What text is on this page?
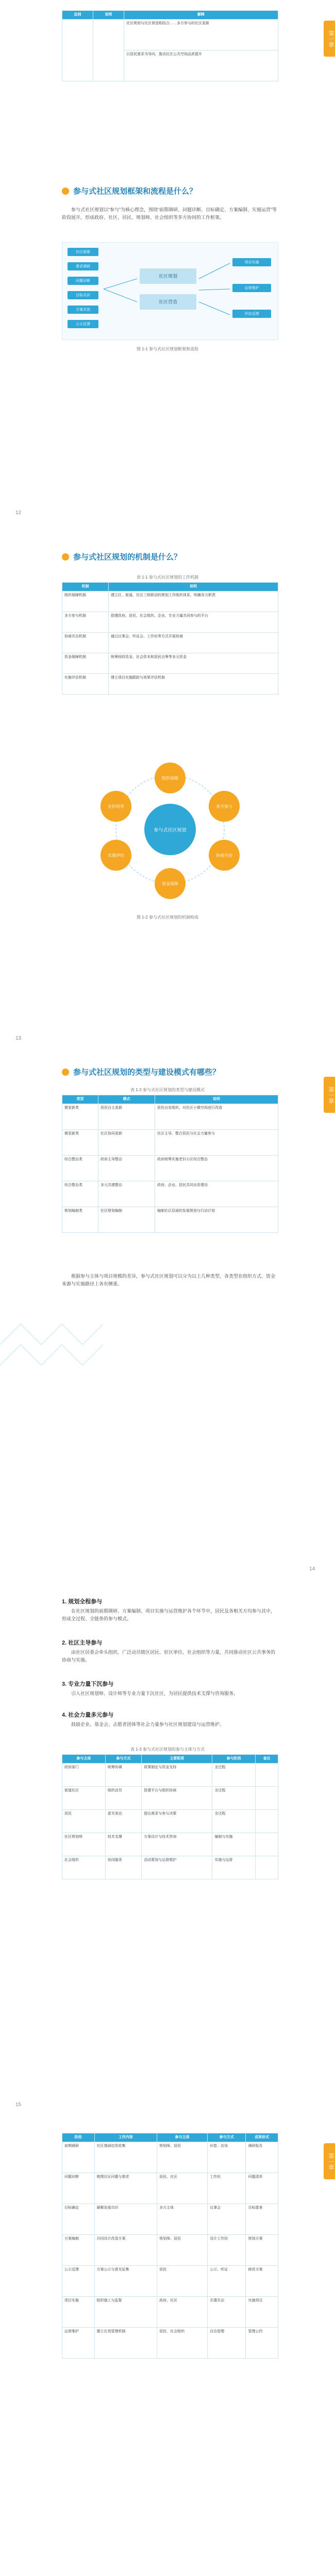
第一章
总则	说明	解释
		社区规划与社区营造相结合……多方参与的社区更新
		以居民需求为导向，推动社区公共空间品质提升
参与式社区规划框架和流程是什么？
参与式社区规划以“参与”为核心理念，围绕“前期调研、问题诊断、目标确定、方案编制、实施运营”等阶段展开，形成政府、社区、居民、规划师、社会组织等多方协同的工作框架。
社区画像
需求调研
问题诊断
目标共识
方案共创
公示反馈
社区规划
社区营造
项目实施
运营维护
评估反馈
图 1-1 参与式社区规划框架和流程
12
参与式社区规划的机制是什么？
表 1-1 参与式社区规划的工作机制
机制	说明
组织保障机制	建立区、街道、社区三级联动的规划工作组织体系，明确各方职责
多方参与机制	搭建政府、居民、社会组织、企业、专业力量共同参与的平台
协商共治机制	通过议事会、听证会、工作坊等方式开展协商
资金保障机制	统筹财政资金、社会资本和居民自筹等多元资金
实施评估机制	建立项目实施跟踪与效果评估机制
参与式社区规划
组织保障
多方参与
协商共治
资金保障
实施评估
宣传培育
图 1-2 参与式社区规划的机制构成
13
第一章
参与式社区规划的类型与建设模式有哪些？
表 1-2 参与式社区规划的类型与建设模式
类型	模式	说明
微更新类	居民自主更新	居民自发组织，对社区小微空间进行改造
微更新类	社区协同更新	社区主导，整合居民与社会力量参与
综合整治类	政府主导整治	政府统筹实施老旧小区综合整治
综合整治类	多元共建整治	政府、企业、居民共同出资建设
规划编制类	社区规划编制	编制社区层面的发展规划与行动计划
根据参与主体与项目规模的差异，参与式社区规划可以分为以上几种类型，各类型在组织方式、资金来源与实施路径上各有侧重。
14
1. 规划全程参与
在社区规划的前期调研、方案编制、项目实施与运营维护各个环节中，居民及各相关方均参与其中，形成全过程、全链条的参与模式。
2. 社区主导参与
由社区居委会牵头组织，广泛动员辖区居民、驻区单位、社会组织等力量，共同推动社区公共事务的协商与实施。
3. 专业力量下沉参与
引入社区规划师、设计师等专业力量下沉社区，为居民提供技术支撑与咨询服务。
4. 社会力量多元参与
鼓励企业、基金会、志愿者团体等社会力量参与社区规划建设与运营维护。
表 1-3 参与式社区规划的参与主体与方式
参与主体	参与方式	主要职责	参与阶段	备注
政府部门	统筹协调	政策制定与资金支持	全过程	
街道社区	组织动员	搭建平台与组织协商	全过程	
居民	意见表达	提出需求与参与决策	全过程	
社区规划师	技术支撑	方案设计与技术咨询	编制与实施	
社会组织	协同服务	活动策划与运营维护	实施与运营	
15
第一章
阶段	工作内容	参与主体	参与方式	成果形式
前期调研	社区基础信息收集	规划师、居民	问卷、访谈	调研报告
问题诊断	梳理社区问题与需求	居民、社区	工作坊	问题清单
目标确定	凝聚发展共识	多方主体	议事会	目标愿景
方案编制	共同设计改造方案	规划师、居民	设计工作坊	规划方案
公示反馈	方案公示与意见征集	居民	公示、听证	修改方案
项目实施	组织施工与监督	政府、社区	共建共治	实施项目
运营维护	建立长效管理机制	居民、社会组织	自治管理	管理公约
